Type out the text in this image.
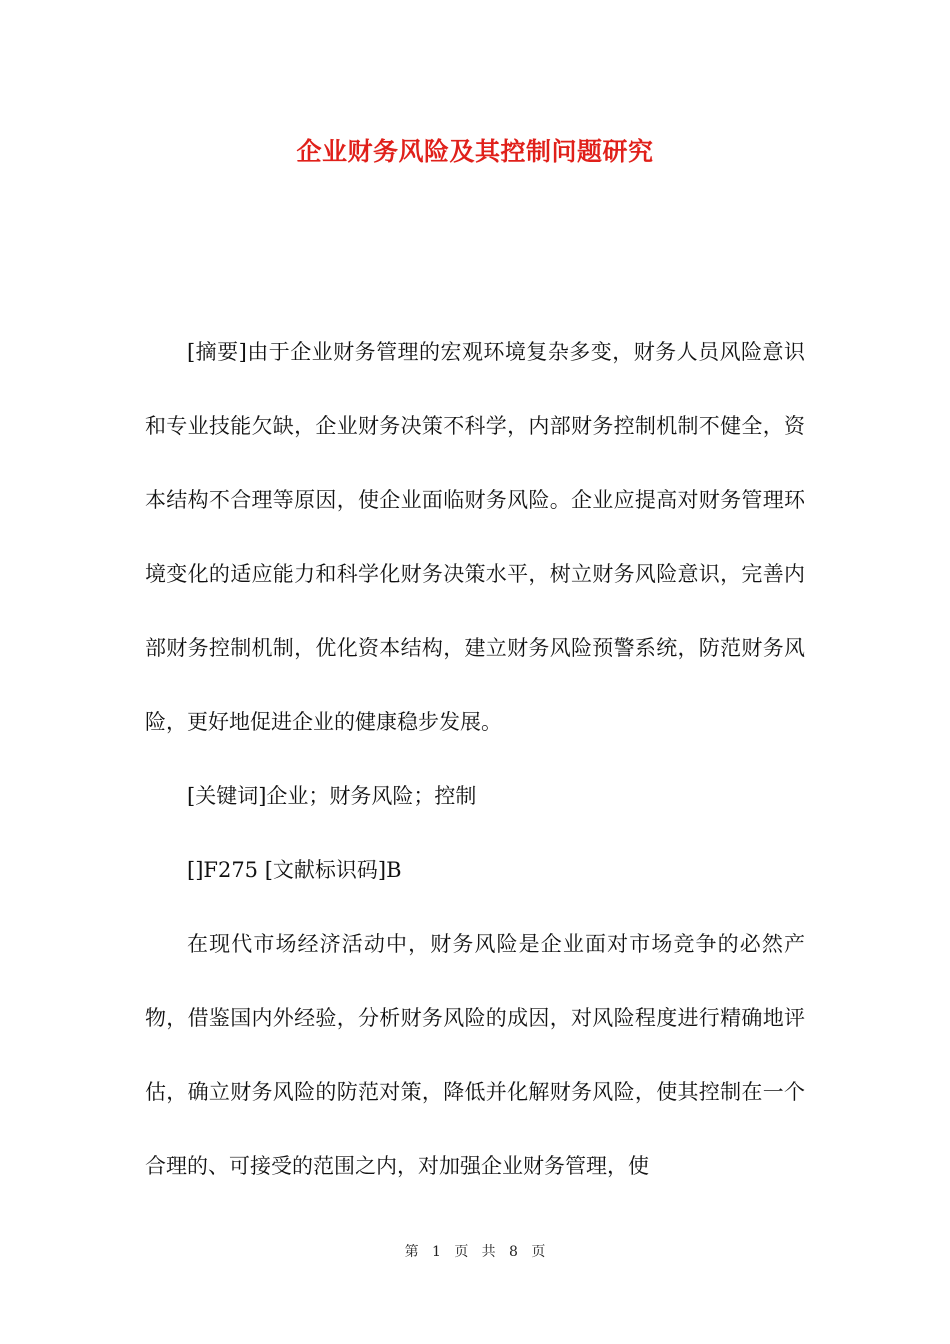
企业财务风险及其控制问题研究

[摘要]由于企业财务管理的宏观环境复杂多变，财务人员风险意识和专业技能欠缺，企业财务决策不科学，内部财务控制机制不健全，资本结构不合理等原因，使企业面临财务风险。企业应提高对财务管理环境变化的适应能力和科学化财务决策水平，树立财务风险意识，完善内部财务控制机制，优化资本结构，建立财务风险预警系统，防范财务风险，更好地促进企业的健康稳步发展。

[关键词]企业；财务风险；控制

[]F275 [文献标识码]B

在现代市场经济活动中，财务风险是企业面对市场竞争的必然产物，借鉴国内外经验，分析财务风险的成因，对风险程度进行精确地评估，确立财务风险的防范对策，降低并化解财务风险，使其控制在一个合理的、可接受的范围之内，对加强企业财务管理，使

第 1 页 共 8 页
